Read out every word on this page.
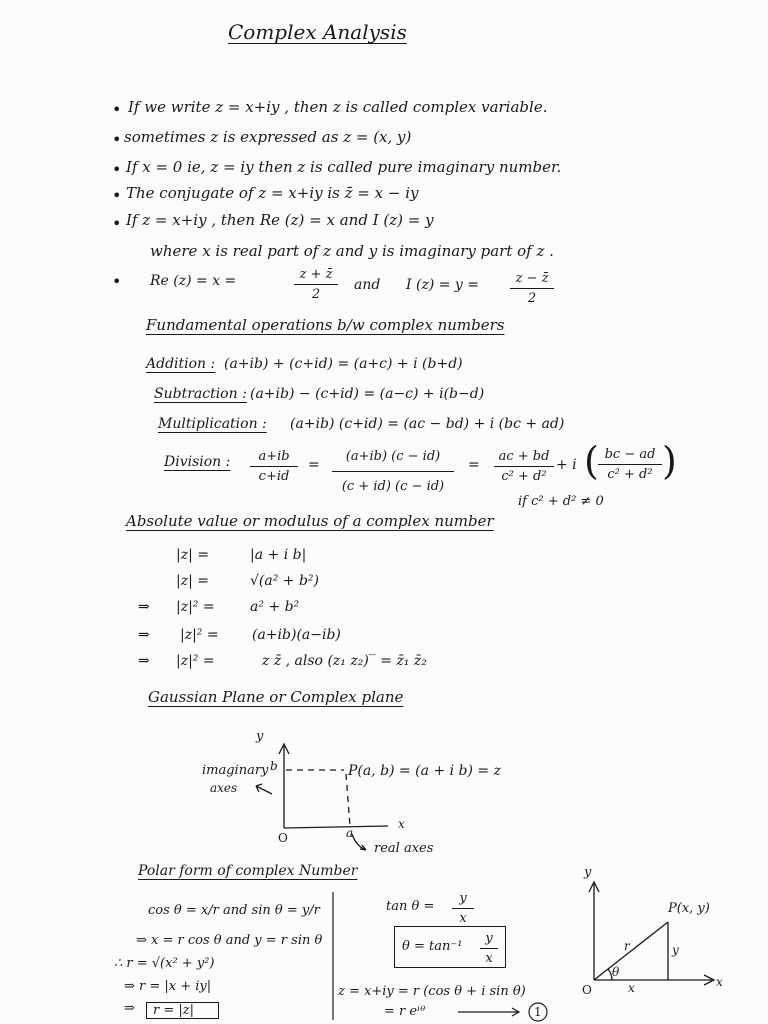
Complex Analysis
• If we write z = x+iy , then z is called complex variable.
• sometimes z is expressed as z = (x, y)
• If x = 0 ie, z = iy then z is called pure imaginary number.
• The conjugate of z = x+iy is z̄ = x − iy
• If z = x+iy , then Re (z) = x and I (z) = y
where x is real part of z and y is imaginary part of z .
• Re (z) = x =	z + z̄
2
and I (z) = y =	z − z̄
2
Fundamental operations b/w complex numbers
Addition : (a+ib) + (c+id) = (a+c) + i (b+d)
Subtraction : (a+ib) − (c+id) = (a−c) + i(b−d)
Multiplication : (a+ib) (c+id) = (ac − bd) + i (bc + ad)
Division :	a+ib
c+id
=
(a+ib) (c − id)
(c + id) (c − id)
=
ac + bd
c² + d²
+ i ( bc − ad
c² + d² )
if c² + d² ≠ 0
Absolute value or modulus of a complex number
|z| =	|a + i b|
|z| =	√(a² + b²)
⇒ |z|² =	a² + b²
⇒ |z|² = (a+ib)(a−ib)
⇒ |z|² =	z z̄ , also (z₁ z₂)‾ = z̄₁ z̄₂
Gaussian Plane or Complex plane
y
imaginary
axes
b	P(a, b) = (a + i b) = z
O	a
x
real axes
Polar form of complex Number
cos θ = x/r and sin θ = y/r
⇒ x = r cos θ and y = r sin θ
∴ r = √(x² + y²)
⇒ r = |x + iy|
⇒	r = |z|
tan θ =
y
x
θ = tan⁻¹
y
x
z = x+iy = r (cos θ + i sin θ)
= r eⁱᶿ	1
y
P(x, y)
r	y
θ
O	x	x
